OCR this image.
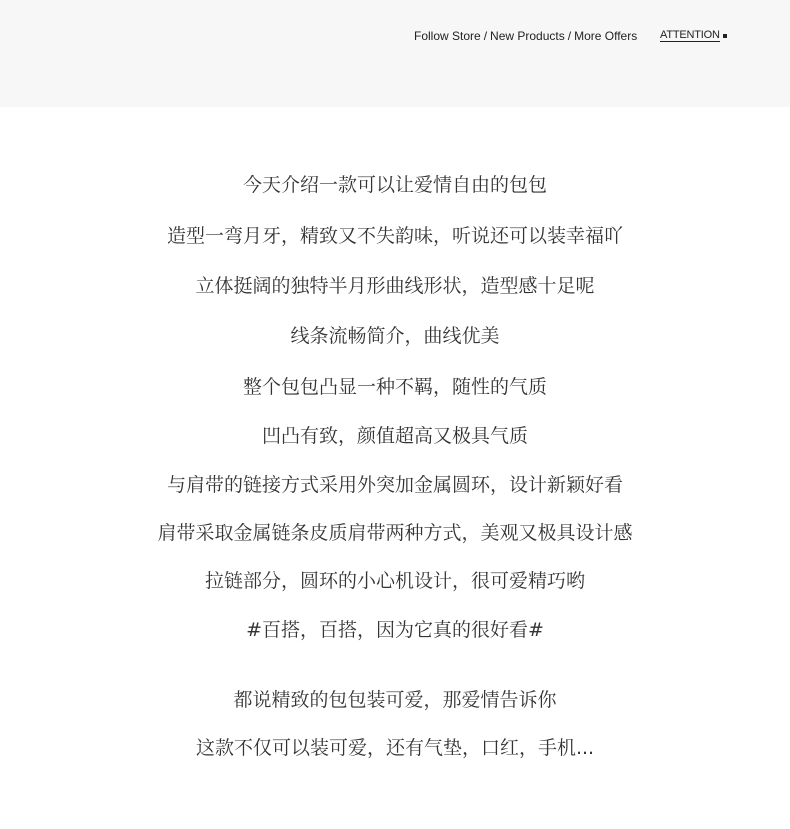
Follow Store / New Products / More Offers ATTENTION
今天介绍一款可以让爱情自由的包包
造型一弯月牙，精致又不失韵味，听说还可以装幸福吖
立体挺阔的独特半月形曲线形状，造型感十足呢
线条流畅简介，曲线优美
整个包包凸显一种不羁，随性的气质
凹凸有致，颜值超高又极具气质
与肩带的链接方式采用外突加金属圆环，设计新颖好看
肩带采取金属链条皮质肩带两种方式，美观又极具设计感
拉链部分，圆环的小心机设计，很可爱精巧哟
#百搭，百搭，因为它真的很好看#
都说精致的包包装可爱，那爱情告诉你
这款不仅可以装可爱，还有气垫，口红，手机...
